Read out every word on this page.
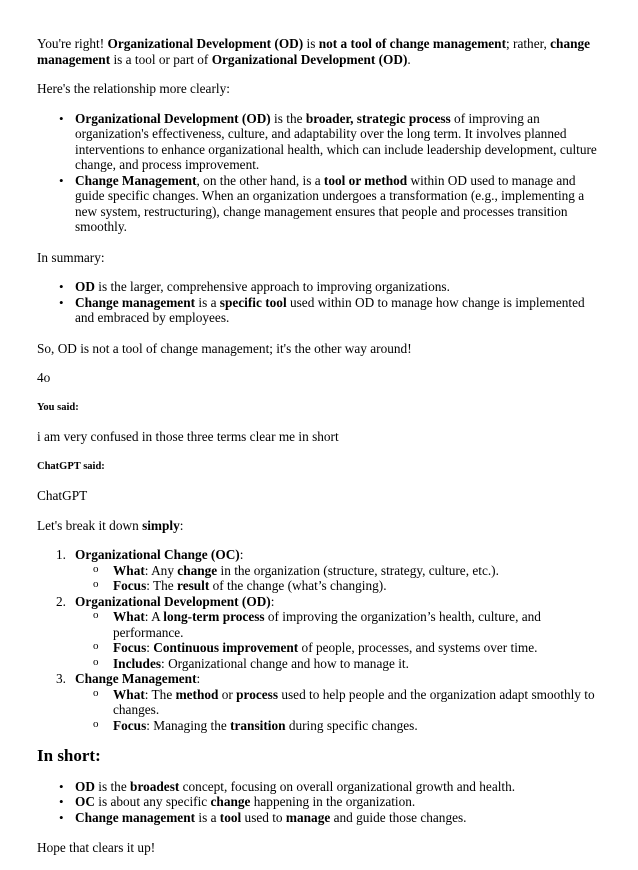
You're right! Organizational Development (OD) is not a tool of change management; rather, change management is a tool or part of Organizational Development (OD).

Here's the relationship more clearly:

• Organizational Development (OD) is the broader, strategic process of improving an organization's effectiveness, culture, and adaptability over the long term. It involves planned interventions to enhance organizational health, which can include leadership development, culture change, and process improvement.
• Change Management, on the other hand, is a tool or method within OD used to manage and guide specific changes. When an organization undergoes a transformation (e.g., implementing a new system, restructuring), change management ensures that people and processes transition smoothly.

In summary:

• OD is the larger, comprehensive approach to improving organizations.
• Change management is a specific tool used within OD to manage how change is implemented and embraced by employees.

So, OD is not a tool of change management; it's the other way around!

4o

You said:

i am very confused in those three terms clear me in short

ChatGPT said:

ChatGPT

Let's break it down simply:

1. Organizational Change (OC):
o What: Any change in the organization (structure, strategy, culture, etc.).
o Focus: The result of the change (what’s changing).
2. Organizational Development (OD):
o What: A long-term process of improving the organization’s health, culture, and performance.
o Focus: Continuous improvement of people, processes, and systems over time.
o Includes: Organizational change and how to manage it.
3. Change Management:
o What: The method or process used to help people and the organization adapt smoothly to changes.
o Focus: Managing the transition during specific changes.
In short:
• OD is the broadest concept, focusing on overall organizational growth and health.
• OC is about any specific change happening in the organization.
• Change management is a tool used to manage and guide those changes.

Hope that clears it up!
